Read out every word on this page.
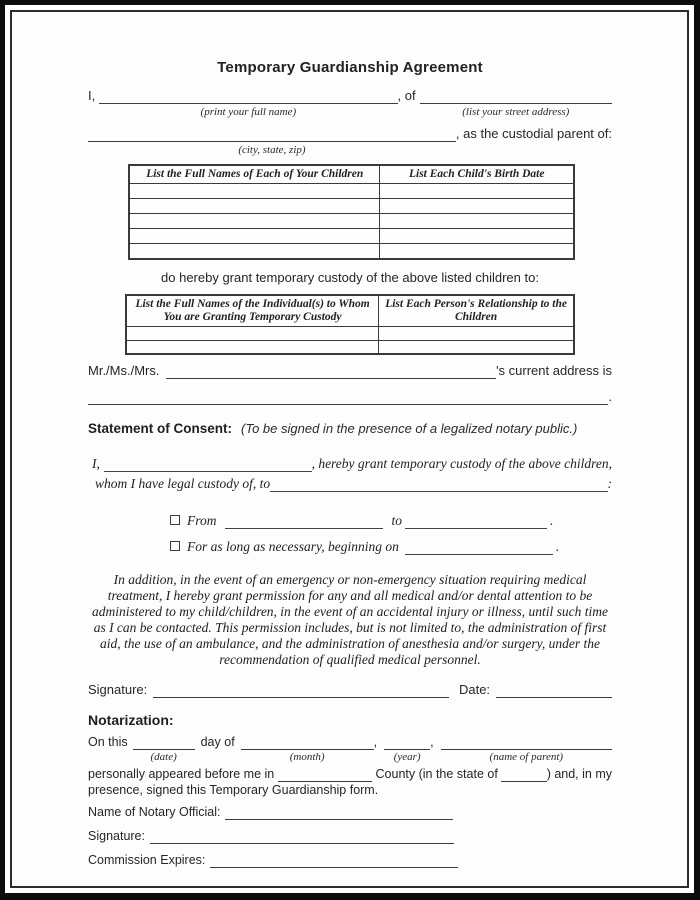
Temporary Guardianship Agreement
I,
(print your full name)
, of
(list your street address)
(city, state, zip)
, as the custodial parent of:
List the Full Names of Each of Your Children	List Each Child's Birth Date

do hereby grant temporary custody of the above listed children to:
List the Full Names of the Individual(s) to Whom You are Granting Temporary Custody	List Each Person's Relationship to the Children

Mr./Ms./Mrs.	's current address is
.
Statement of Consent: (To be signed in the presence of a legalized notary public.)
I,	, hereby grant temporary custody of the above children,
whom I have legal custody of, to	:
From	to	.
For as long as necessary, beginning on	.
In addition, in the event of an emergency or non-emergency situation requiring medical treatment, I hereby grant permission for any and all medical and/or dental attention to be administered to my child/children, in the event of an accidental injury or illness, until such time as I can be contacted. This permission includes, but is not limited to, the administration of first aid, the use of an ambulance, and the administration of anesthesia and/or surgery, under the recommendation of qualified medical personnel.
Signature:	Date:
Notarization:
On this
(date)
day of
(month)
,
(year)
,
(name of parent)
personally appeared before me in	County (in the state of	) and, in my
presence, signed this Temporary Guardianship form.
Name of Notary Official:
Signature:
Commission Expires:
